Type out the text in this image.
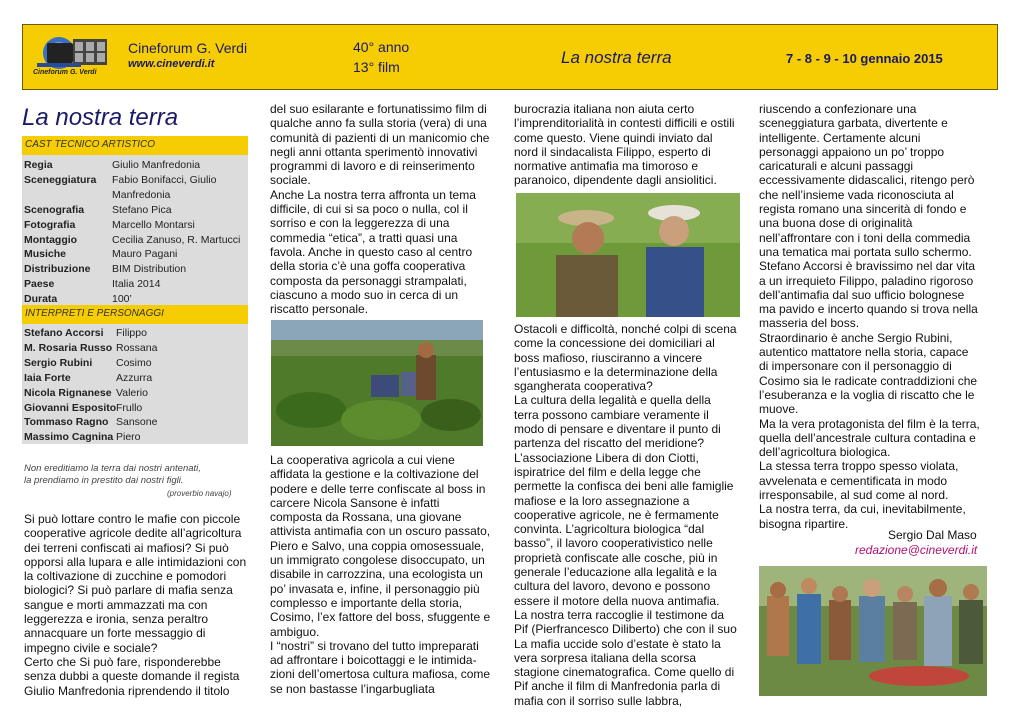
Cineforum G. Verdi
Cineforum G. Verdi
www.cineverdi.it
40° anno
13° film	La nostra terra	7 - 8 - 9 - 10 gennaio 2015
La nostra terra
CAST TECNICO ARTISTICO
Regia	Giulio Manfredonia
Sceneggiatura Fabio Bonifacci, Giulio
Manfredonia
Scenografia	Stefano Pica
Fotografia	Marcello Montarsi
Montaggio	Cecilia Zanuso, R. Martucci
Musiche	Mauro Pagani
Distribuzione BIM Distribution
Paese	Italia 2014
Durata	100’
INTERPRETI E PERSONAGGI
Stefano Accorsi Filippo
M. Rosaria Russo Rossana
Sergio Rubini Cosimo
Iaia Forte	Azzurra
Nicola Rignanese Valerio
Giovanni Esposito Frullo
Tommaso Ragno Sansone
Massimo Cagnina Piero
Non ereditiamo la terra dai nostri antenati,
la prendiamo in prestito dai nostri figli.
(proverbio navajo)
Si può lottare contro le mafie con piccole cooperative agricole dedite all’agricoltura dei terreni confiscati ai mafiosi? Si può opporsi alla lupara e alle intimidazioni con la coltivazione di zucchine e pomodori biologici? Si può parlare di mafia senza sangue e morti ammazzati ma con leggerezza e ironia, senza peraltro annacquare un forte messaggio di impegno civile e sociale?
Certo che Si può fare, risponderebbe senza dubbi a queste domande il regista Giulio Manfredonia riprendendo il titolo
del suo esilarante e fortunatissimo film di qualche anno fa sulla storia (vera) di una comunità di pazienti di un manicomio che negli anni ottanta sperimentò innovativi programmi di lavoro e di reinserimento sociale.
Anche La nostra terra affronta un tema difficile, di cui si sa poco o nulla, col il sorriso e con la leggerezza di una commedia “etica”, a tratti quasi una favola. Anche in questo caso al centro della storia c’è una goffa cooperativa composta da personaggi strampalati, ciascuno a modo suo in cerca di un riscatto personale.
La cooperativa agricola a cui viene affidata la gestione e la coltivazione del podere e delle terre confiscate al boss in carcere Nicola Sansone è infatti composta da Rossana, una giovane attivista antimafia con un oscuro passato, Piero e Salvo, una coppia omosessuale, un immigrato congolese disoccupato, un disabile in carrozzina, una ecologista un po’ invasata e, infine, il personaggio più complesso e importante della storia, Cosimo, l’ex fattore del boss, sfuggente e ambiguo.
I “nostri” si trovano del tutto impreparati ad affrontare i boicottaggi e le intimida-zioni dell’omertosa cultura mafiosa, come se non bastasse l’ingarbugliata
burocrazia italiana non aiuta certo l’imprenditorialità in contesti difficili e ostili come questo. Viene quindi inviato dal nord il sindacalista Filippo, esperto di normative antimafia ma timoroso e paranoico, dipendente dagli ansiolitici.
Ostacoli e difficoltà, nonché colpi di scena come la concessione dei domiciliari al boss mafioso, riusciranno a vincere l’entusiasmo e la determinazione della sgangherata cooperativa?
La cultura della legalità e quella della terra possono cambiare veramente il modo di pensare e diventare il punto di partenza del riscatto del meridione?
L’associazione Libera di don Ciotti, ispiratrice del film e della legge che permette la confisca dei beni alle famiglie mafiose e la loro assegnazione a cooperative agricole, ne è fermamente convinta. L’agricoltura biologica “dal basso”, il lavoro cooperativistico nelle proprietà confiscate alle cosche, più in generale l’educazione alla legalità e la cultura del lavoro, devono e possono essere il motore della nuova antimafia.
La nostra terra raccoglie il testimone da Pif (Pierfrancesco Diliberto) che con il suo La mafia uccide solo d’estate è stato la vera sorpresa italiana della scorsa stagione cinematografica. Come quello di Pif anche il film di Manfredonia parla di mafia con il sorriso sulle labbra,
riuscendo a confezionare una sceneggiatura garbata, divertente e intelligente. Certamente alcuni personaggi appaiono un po’ troppo caricaturali e alcuni passaggi eccessivamente didascalici, ritengo però che nell’insieme vada riconosciuta al regista romano una sincerità di fondo e una buona dose di originalità nell’affrontare con i toni della commedia una tematica mai portata sullo schermo.
Stefano Accorsi è bravissimo nel dar vita a un irrequieto Filippo, paladino rigoroso dell’antimafia dal suo ufficio bolognese ma pavido e incerto quando si trova nella masseria del boss.
Straordinario è anche Sergio Rubini, autentico mattatore nella storia, capace di impersonare con il personaggio di Cosimo sia le radicate contraddizioni che l’esuberanza e la voglia di riscatto che le muove.
Ma la vera protagonista del film è la terra, quella dell’ancestrale cultura contadina e dell’agricoltura biologica.
La stessa terra troppo spesso violata, avvelenata e cementificata in modo irresponsabile, al sud come al nord.
La nostra terra, da cui, inevitabilmente, bisogna ripartire.
Sergio Dal Maso
redazione@cineverdi.it
